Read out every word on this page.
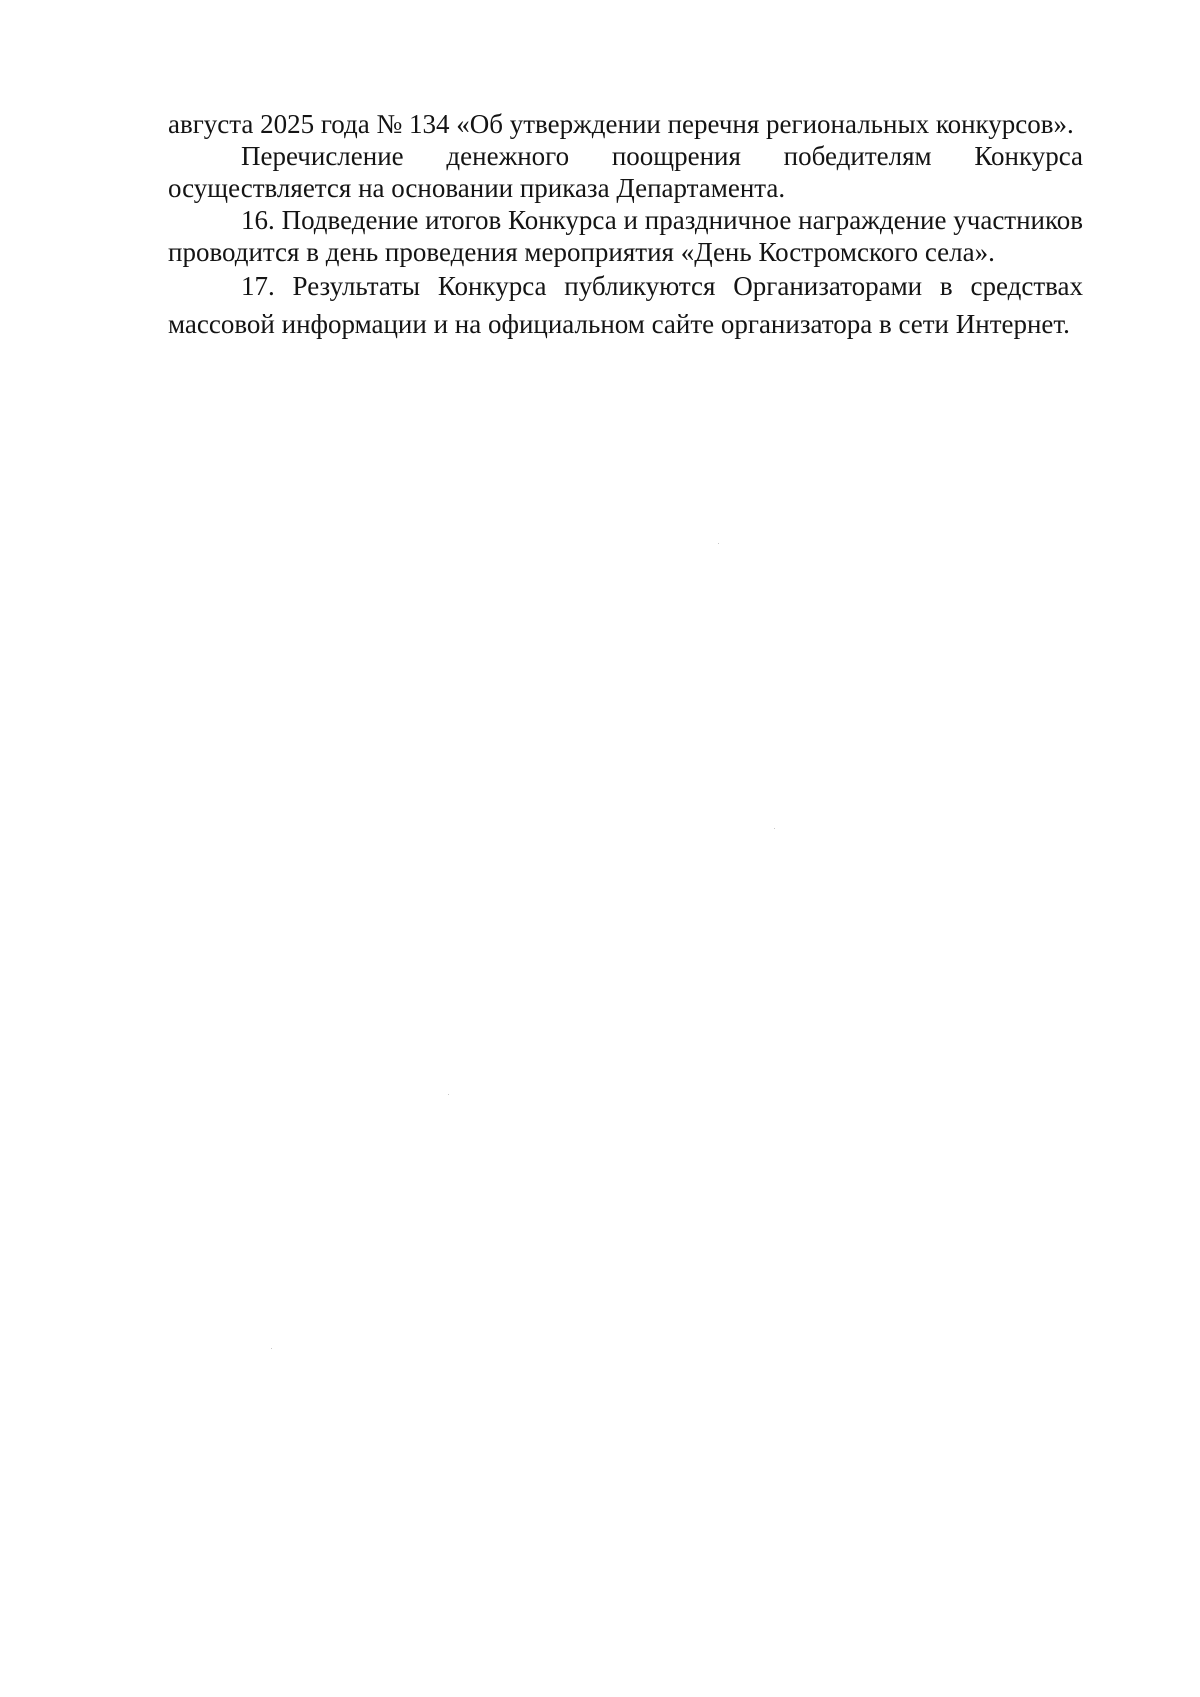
августа 2025 года № 134 «Об утверждении перечня региональных конкурсов».

Перечисление денежного поощрения победителям Конкурса осуществляется на основании приказа Департамента.

16. Подведение итогов Конкурса и праздничное награждение участников проводится в день проведения мероприятия «День Костромского села».

17. Результаты Конкурса публикуются Организаторами в средствах массовой информации и на официальном сайте организатора в сети Интернет.
